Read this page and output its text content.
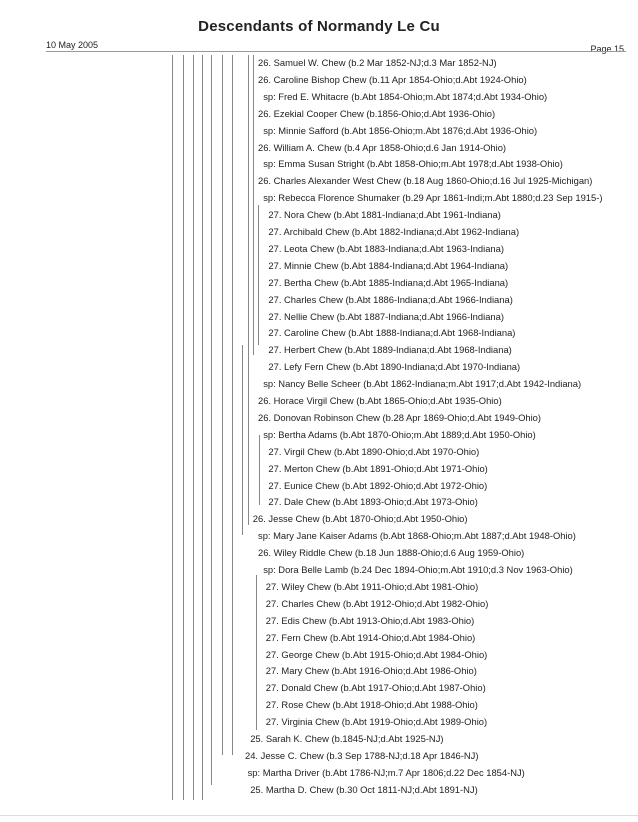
Descendants of Normandy Le Cu
10 May 2005	Page 15
26. Samuel W. Chew (b.2 Mar 1852-NJ;d.3 Mar 1852-NJ)
26. Caroline Bishop Chew (b.11 Apr 1854-Ohio;d.Abt 1924-Ohio)
sp: Fred E. Whitacre (b.Abt 1854-Ohio;m.Abt 1874;d.Abt 1934-Ohio)
26. Ezekial Cooper Chew (b.1856-Ohio;d.Abt 1936-Ohio)
sp: Minnie Safford (b.Abt 1856-Ohio;m.Abt 1876;d.Abt 1936-Ohio)
26. William A. Chew (b.4 Apr 1858-Ohio;d.6 Jan 1914-Ohio)
sp: Emma Susan Stright (b.Abt 1858-Ohio;m.Abt 1978;d.Abt 1938-Ohio)
26. Charles Alexander West Chew (b.18 Aug 1860-Ohio;d.16 Jul 1925-Michigan)
sp: Rebecca Florence Shumaker (b.29 Apr 1861-Indi;m.Abt 1880;d.23 Sep 1915-)
27. Nora Chew (b.Abt 1881-Indiana;d.Abt 1961-Indiana)
27. Archibald Chew (b.Abt 1882-Indiana;d.Abt 1962-Indiana)
27. Leota Chew (b.Abt 1883-Indiana;d.Abt 1963-Indiana)
27. Minnie Chew (b.Abt 1884-Indiana;d.Abt 1964-Indiana)
27. Bertha Chew (b.Abt 1885-Indiana;d.Abt 1965-Indiana)
27. Charles Chew (b.Abt 1886-Indiana;d.Abt 1966-Indiana)
27. Nellie Chew (b.Abt 1887-Indiana;d.Abt 1966-Indiana)
27. Caroline Chew (b.Abt 1888-Indiana;d.Abt 1968-Indiana)
27. Herbert Chew (b.Abt 1889-Indiana;d.Abt 1968-Indiana)
27. Lefy Fern Chew (b.Abt 1890-Indiana;d.Abt 1970-Indiana)
sp: Nancy Belle Scheer (b.Abt 1862-Indiana;m.Abt 1917;d.Abt 1942-Indiana)
26. Horace Virgil Chew (b.Abt 1865-Ohio;d.Abt 1935-Ohio)
26. Donovan Robinson Chew (b.28 Apr 1869-Ohio;d.Abt 1949-Ohio)
sp: Bertha Adams (b.Abt 1870-Ohio;m.Abt 1889;d.Abt 1950-Ohio)
27. Virgil Chew (b.Abt 1890-Ohio;d.Abt 1970-Ohio)
27. Merton Chew (b.Abt 1891-Ohio;d.Abt 1971-Ohio)
27. Eunice Chew (b.Abt 1892-Ohio;d.Abt 1972-Ohio)
27. Dale Chew (b.Abt 1893-Ohio;d.Abt 1973-Ohio)
26. Jesse Chew (b.Abt 1870-Ohio;d.Abt 1950-Ohio)
sp: Mary Jane Kaiser Adams (b.Abt 1868-Ohio;m.Abt 1887;d.Abt 1948-Ohio)
26. Wiley Riddle Chew (b.18 Jun 1888-Ohio;d.6 Aug 1959-Ohio)
sp: Dora Belle Lamb (b.24 Dec 1894-Ohio;m.Abt 1910;d.3 Nov 1963-Ohio)
27. Wiley Chew (b.Abt 1911-Ohio;d.Abt 1981-Ohio)
27. Charles Chew (b.Abt 1912-Ohio;d.Abt 1982-Ohio)
27. Edis Chew (b.Abt 1913-Ohio;d.Abt 1983-Ohio)
27. Fern Chew (b.Abt 1914-Ohio;d.Abt 1984-Ohio)
27. George Chew (b.Abt 1915-Ohio;d.Abt 1984-Ohio)
27. Mary Chew (b.Abt 1916-Ohio;d.Abt 1986-Ohio)
27. Donald Chew (b.Abt 1917-Ohio;d.Abt 1987-Ohio)
27. Rose Chew (b.Abt 1918-Ohio;d.Abt 1988-Ohio)
27. Virginia Chew (b.Abt 1919-Ohio;d.Abt 1989-Ohio)
25. Sarah K. Chew (b.1845-NJ;d.Abt 1925-NJ)
24. Jesse C. Chew (b.3 Sep 1788-NJ;d.18 Apr 1846-NJ)
sp: Martha Driver (b.Abt 1786-NJ;m.7 Apr 1806;d.22 Dec 1854-NJ)
25. Martha D. Chew (b.30 Oct 1811-NJ;d.Abt 1891-NJ)
